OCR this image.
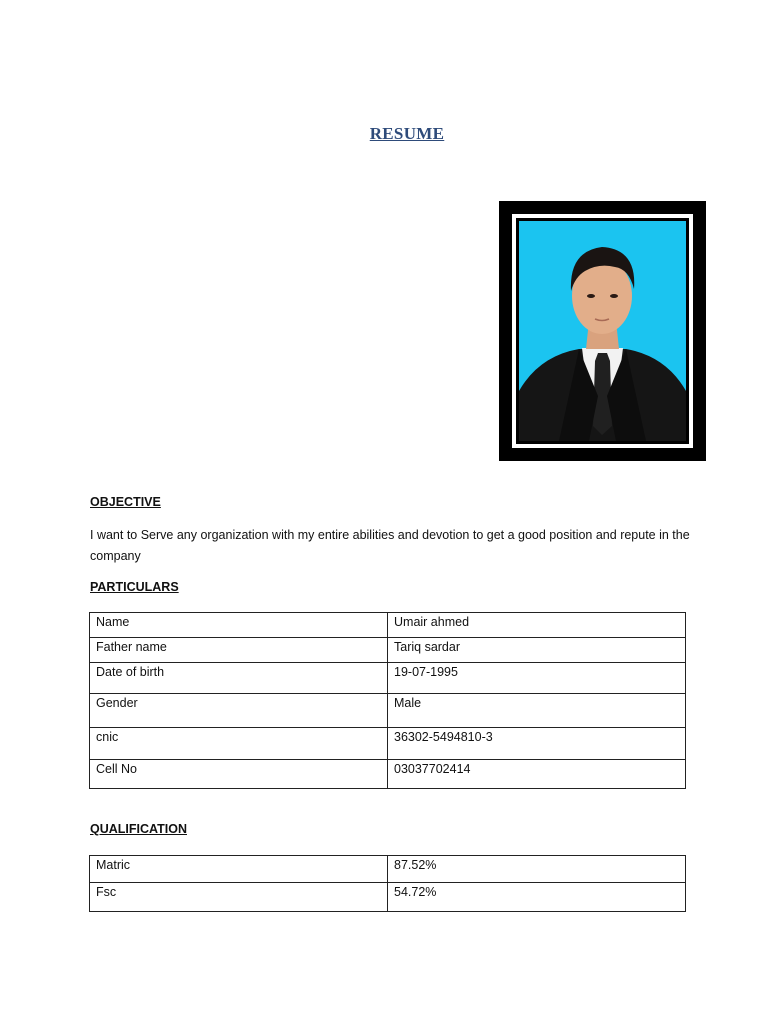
RESUME
OBJECTIVE
I want to Serve any organization with my entire abilities and devotion to get a good position and repute in the company
PARTICULARS
Name	Umair ahmed
Father name	Tariq sardar
Date of birth	19-07-1995
Gender	Male
cnic	36302-5494810-3
Cell No	03037702414
QUALIFICATION
Matric	87.52%
Fsc	54.72%
